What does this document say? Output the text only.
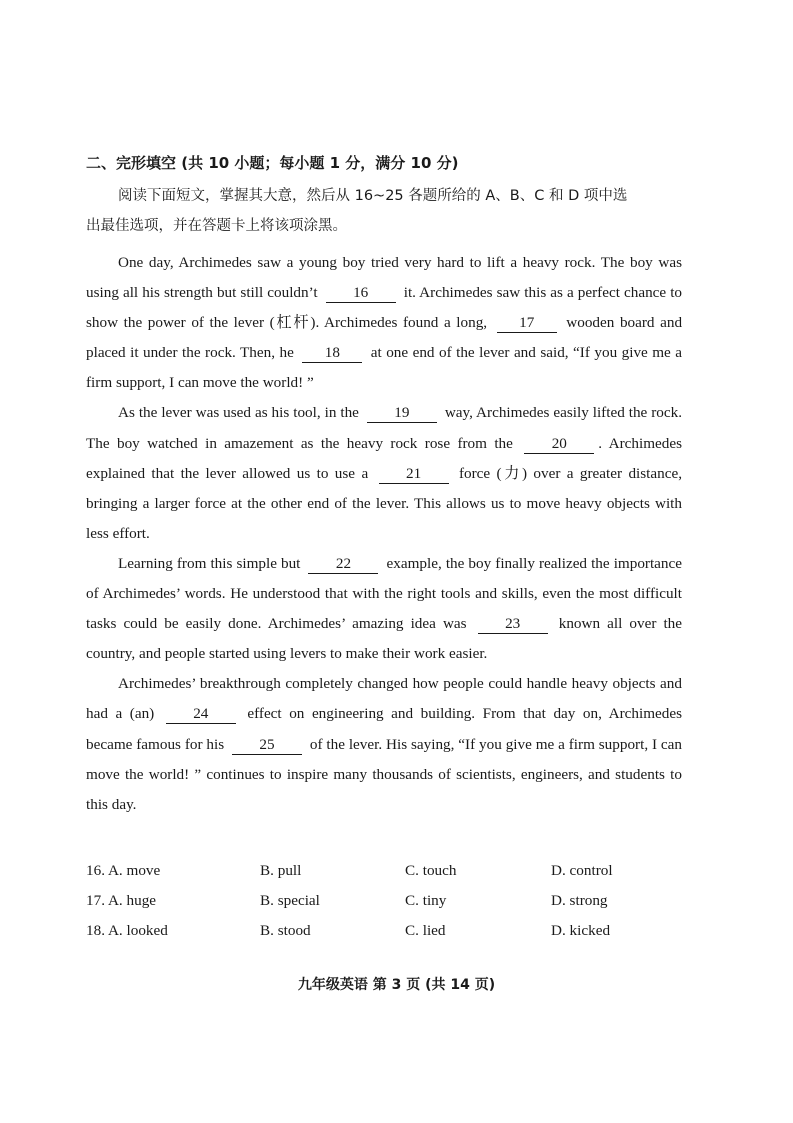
二、完形填空 (共 10 小题；每小题 1 分，满分 10 分)
阅读下面短文，掌握其大意，然后从 16~25 各题所给的 A、B、C 和 D 项中选
出最佳选项，并在答题卡上将该项涂黑。

One day, Archimedes saw a young boy tried very hard to lift a heavy rock. The boy was using all his strength but still couldn’t 16 it. Archimedes saw this as a perfect chance to show the power of the lever (杠杆). Archimedes found a long, 17 wooden board and placed it under the rock. Then, he 18 at one end of the lever and said, “If you give me a firm support, I can move the world! ”

As the lever was used as his tool, in the 19 way, Archimedes easily lifted the rock. The boy watched in amazement as the heavy rock rose from the	20 . Archimedes explained that the lever allowed us to use a 21 force (力) over a greater distance, bringing a larger force at the other end of the lever. This allows us to move heavy objects with less effort.

Learning from this simple but 22 example, the boy finally realized the importance of Archimedes’ words. He understood that with the right tools and skills, even the most difficult tasks could be easily done. Archimedes’ amazing idea was	23	known all over the country, and people started using levers to make their work easier.

Archimedes’ breakthrough completely changed how people could handle heavy objects and had a (an)	24	effect on engineering and building. From that day on, Archimedes became famous for his 25 of the lever. His saying, “If you give me a firm support, I can move the world! ” continues to inspire many thousands of scientists, engineers, and students to this day.

16. A. move	B. pull	C. touch	D. control
17. A. huge	B. special	C. tiny	D. strong
18. A. looked	B. stood	C. lied	D. kicked
九年级英语 第 3 页 (共 14 页)
